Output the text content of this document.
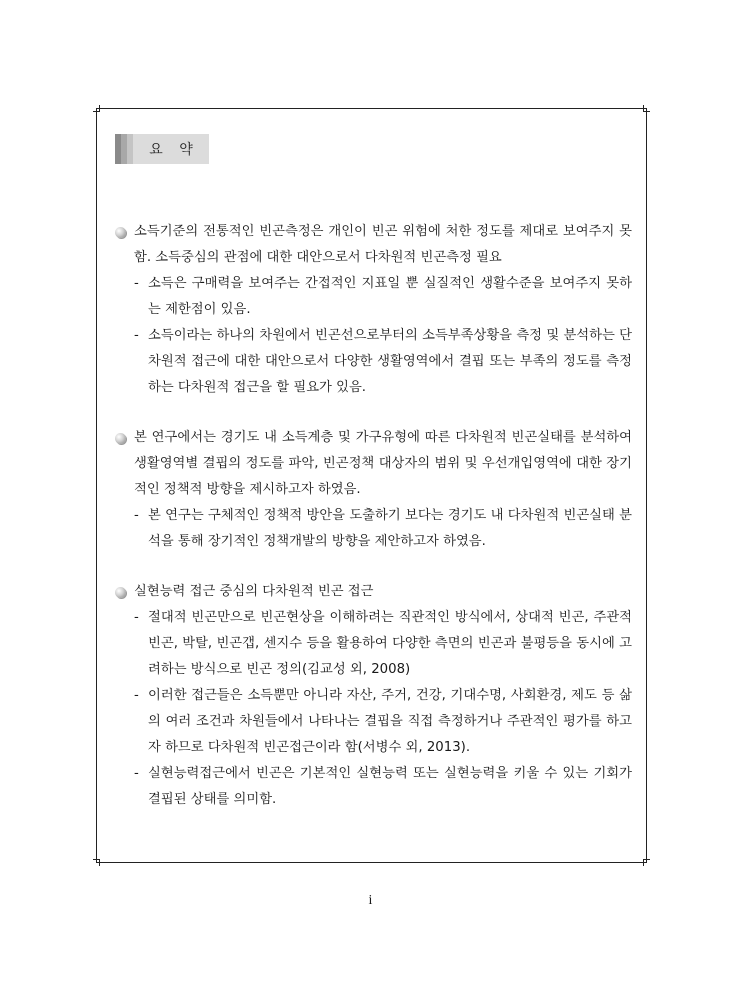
요 약
소득기준의 전통적인 빈곤측정은 개인이 빈곤 위험에 처한 정도를 제대로 보여주지 못함. 소득중심의 관점에 대한 대안으로서 다차원적 빈곤측정 필요
- 소득은 구매력을 보여주는 간접적인 지표일 뿐 실질적인 생활수준을 보여주지 못하는 제한점이 있음.
- 소득이라는 하나의 차원에서 빈곤선으로부터의 소득부족상황을 측정 및 분석하는 단차원적 접근에 대한 대안으로서 다양한 생활영역에서 결핍 또는 부족의 정도를 측정하는 다차원적 접근을 할 필요가 있음.
본 연구에서는 경기도 내 소득계층 및 가구유형에 따른 다차원적 빈곤실태를 분석하여 생활영역별 결핍의 정도를 파악, 빈곤정책 대상자의 범위 및 우선개입영역에 대한 장기적인 정책적 방향을 제시하고자 하였음.
- 본 연구는 구체적인 정책적 방안을 도출하기 보다는 경기도 내 다차원적 빈곤실태 분석을 통해 장기적인 정책개발의 방향을 제안하고자 하였음.
실현능력 접근 중심의 다차원적 빈곤 접근
- 절대적 빈곤만으로 빈곤현상을 이해하려는 직관적인 방식에서, 상대적 빈곤, 주관적 빈곤, 박탈, 빈곤갭, 센지수 등을 활용하여 다양한 측면의 빈곤과 불평등을 동시에 고려하는 방식으로 빈곤 정의(김교성 외, 2008)
- 이러한 접근들은 소득뿐만 아니라 자산, 주거, 건강, 기대수명, 사회환경, 제도 등 삶의 여러 조건과 차원들에서 나타나는 결핍을 직접 측정하거나 주관적인 평가를 하고자 하므로 다차원적 빈곤접근이라 함(서병수 외, 2013).
- 실현능력접근에서 빈곤은 기본적인 실현능력 또는 실현능력을 키울 수 있는 기회가 결핍된 상태를 의미함.
i
